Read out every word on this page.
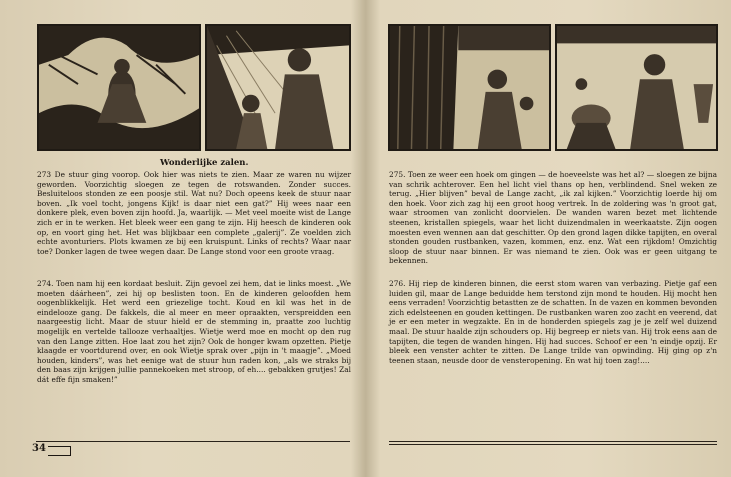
Wonderlijke zalen.

273 De stuur ging voorop. Ook hier was niets te zien. Maar ze waren nu wijzer geworden. Voorzichtig sloegen ze tegen de rotswanden. Zonder succes. Besluiteloos stonden ze een poosje stil. Wat nu? Doch opeens keek de stuur naar boven. „Ik voel tocht, jongens Kijk! is daar niet een gat?” Hij wees naar een donkere plek, even boven zijn hoofd. Ja, waarlijk. — Met veel moeite wist de Lange zich er in te werken. Het bleek weer een gang te zijn. Hij heesch de kinderen ook op, en voort ging het. Het was blijkbaar een complete „galerij”. Ze voelden zich echte avonturiers. Plots kwamen ze bij een kruispunt. Links of rechts? Waar naar toe? Donker lagen de twee wegen daar. De Lange stond voor een groote vraag.

274. Toen nam hij een kordaat besluit. Zijn gevoel zei hem, dat ie links moest. „We moeten dáárheen”, zei hij op beslisten toon. En de kinderen geloofden hem oogenblikkelijk. Het werd een griezelige tocht. Koud en kil was het in de eindelooze gang. De fakkels, die al meer en meer opraakten, verspreidden een naargeestig licht. Maar de stuur hield er de stemming in, praatte zoo luchtig mogelijk en vertelde tallooze verhaaltjes. Wietje werd moe en mocht op den rug van den Lange zitten. Hoe laat zou het zijn? Ook de honger kwam opzetten. Pietje klaagde er voortdurend over, en ook Wietje sprak over „pijn in 't maagje”. „Moed houden, kinders”, was het eenige wat de stuur hun raden kon, „als we straks bij den baas zijn krijgen jullie pannekoeken met stroop, of eh.... gebakken grutjes! Zal dát effe fijn smaken!”

34

275. Toen ze weer een hoek om gingen — de hoeveelste was het al? — sloegen ze bijna van schrik achterover. Een hel licht viel thans op hen, verblindend. Snel weken ze terug. „Hier blijven” beval de Lange zacht, „ik zal kijken.” Voorzichtig loerde hij om den hoek. Voor zich zag hij een groot hoog vertrek. In de zoldering was 'n groot gat, waar stroomen van zonlicht doorvielen. De wanden waren bezet met lichtende steenen, kristallen spiegels, waar het licht duizendmalen in weerkaatste. Zijn oogen moesten even wennen aan dat geschitter. Op den grond lagen dikke tapijten, en overal stonden gouden rustbanken, vazen, kommen, enz. enz. Wat een rijkdom! Omzichtig sloop de stuur naar binnen. Er was niemand te zien. Ook was er geen uitgang te bekennen.

276. Hij riep de kinderen binnen, die eerst stom waren van verbazing. Pietje gaf een luiden gil, maar de Lange beduidde hem terstond zijn mond te houden. Hij mocht hen eens verraden! Voorzichtig betastten ze de schatten. In de vazen en kommen bevonden zich edelsteenen en gouden kettingen. De rustbanken waren zoo zacht en veerend, dat je er een meter in wegzakte. En in de honderden spiegels zag je je zelf wel duizend maal. De stuur haalde zijn schouders op. Hij begreep er niets van. Hij trok eens aan de tapijten, die tegen de wanden hingen. Hij had succes. Schoof er een 'n eindje opzij. Er bleek een venster achter te zitten. De Lange trilde van opwinding. Hij ging op z'n teenen staan, neusde door de vensteropening. En wat hij toen zag!....
